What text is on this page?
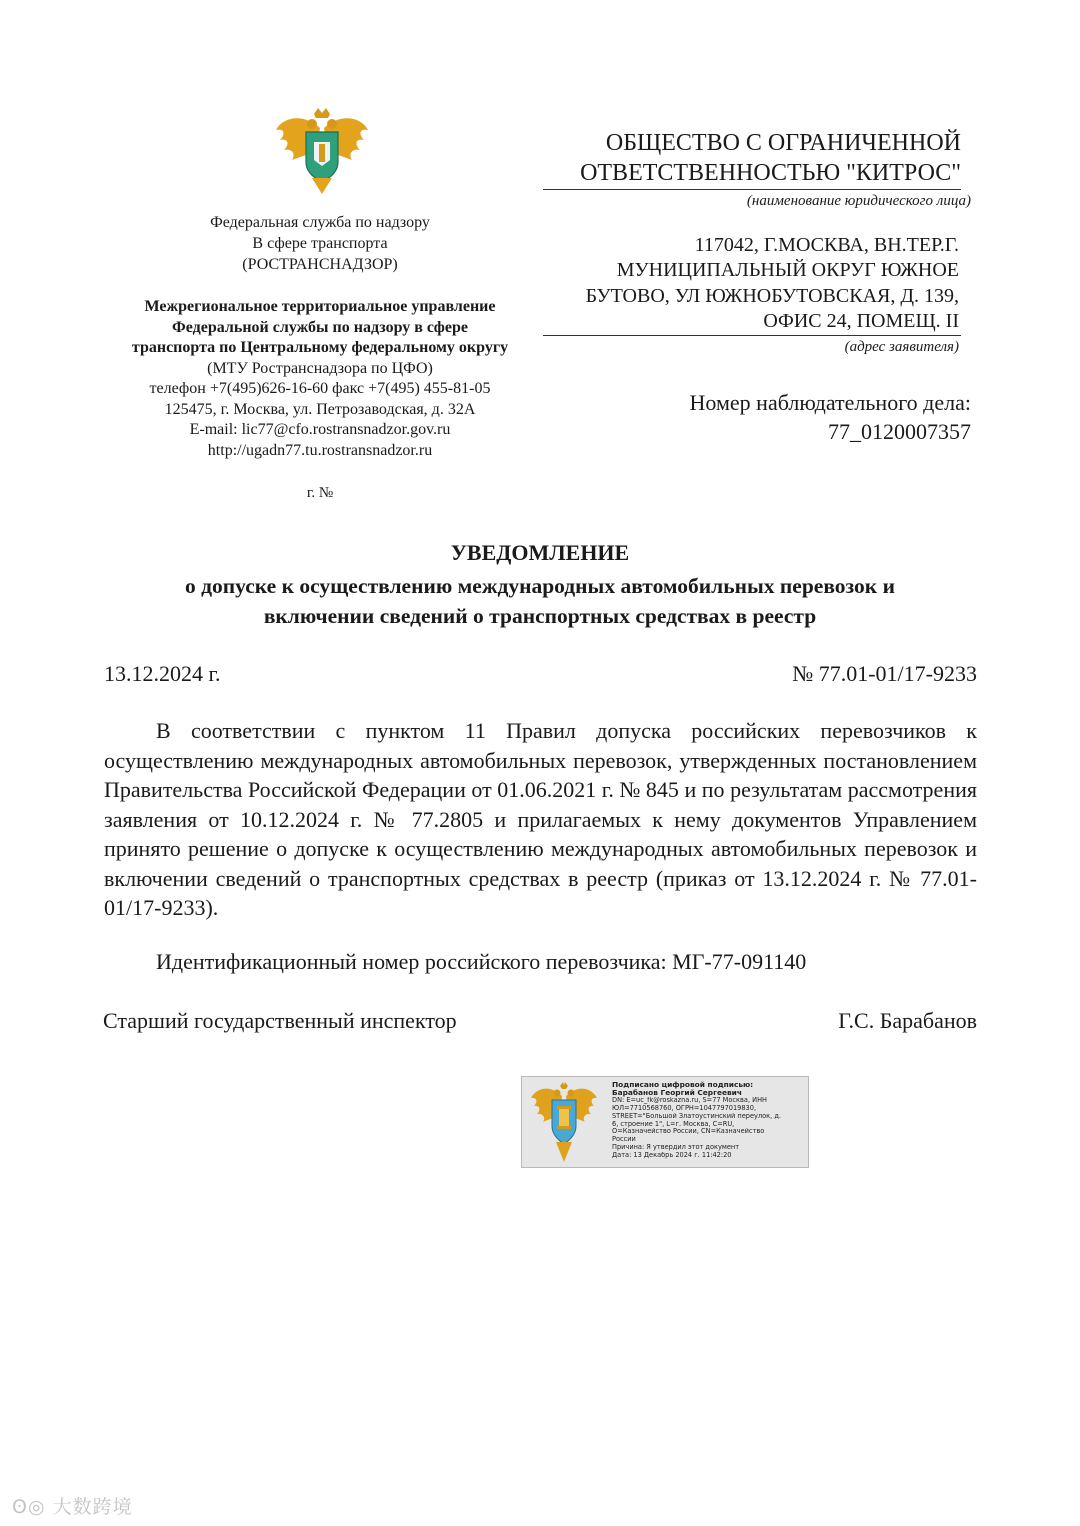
Федеральная служба по надзору
В сфере транспорта
(РОСТРАНСНАДЗОР)
Межрегиональное территориальное управление
Федеральной службы по надзору в сфере
транспорта по Центральному федеральному округу
(МТУ Ространснадзора по ЦФО)
телефон +7(495)626-16-60 факс +7(495) 455-81-05
125475, г. Москва, ул. Петрозаводская, д. 32А
E-mail: lic77@cfo.rostransnadzor.gov.ru
http://ugadn77.tu.rostransnadzor.ru
г. №
ОБЩЕСТВО С ОГРАНИЧЕННОЙ
ОТВЕТСТВЕННОСТЬЮ "КИТРОС"
(наименование юридического лица)
117042, Г.МОСКВА, ВН.ТЕР.Г.
МУНИЦИПАЛЬНЫЙ ОКРУГ ЮЖНОЕ
БУТОВО, УЛ ЮЖНОБУТОВСКАЯ, Д. 139,
ОФИС 24, ПОМЕЩ. II
(адрес заявителя)
Номер наблюдательного дела:
77_0120007357
УВЕДОМЛЕНИЕ
о допуске к осуществлению международных автомобильных перевозок и
включении сведений о транспортных средствах в реестр
13.12.2024 г.	№ 77.01-01/17-9233

В соответствии с пунктом 11 Правил допуска российских перевозчиков к осуществлению международных автомобильных перевозок, утвержденных постановлением Правительства Российской Федерации от 01.06.2021 г. № 845 и по результатам рассмотрения заявления от 10.12.2024 г. № 77.2805 и прилагаемых к нему документов Управлением принято решение о допуске к осуществлению международных автомобильных перевозок и включении сведений о транспортных средствах в реестр (приказ от 13.12.2024 г. № 77.01-01/17-9233).

Идентификационный номер российского перевозчика: МГ-77-091140
Старший государственный инспектор	Г.С. Барабанов
Подписано цифровой подписью:
Барабанов Георгий Сергеевич
DN: E=uc_fk@roskazna.ru, S=77 Москва, ИНН
ЮЛ=7710568760, ОГРН=1047797019830,
STREET="Большой Златоустинский переулок, д.
6, строение 1", L=г. Москва, C=RU,
O=Казначейство России, CN=Казначейство
России
Причина: Я утвердил этот документ
Дата: 13 Декабрь 2024 г. 11:42:20
ʘ◎ 大数跨境
